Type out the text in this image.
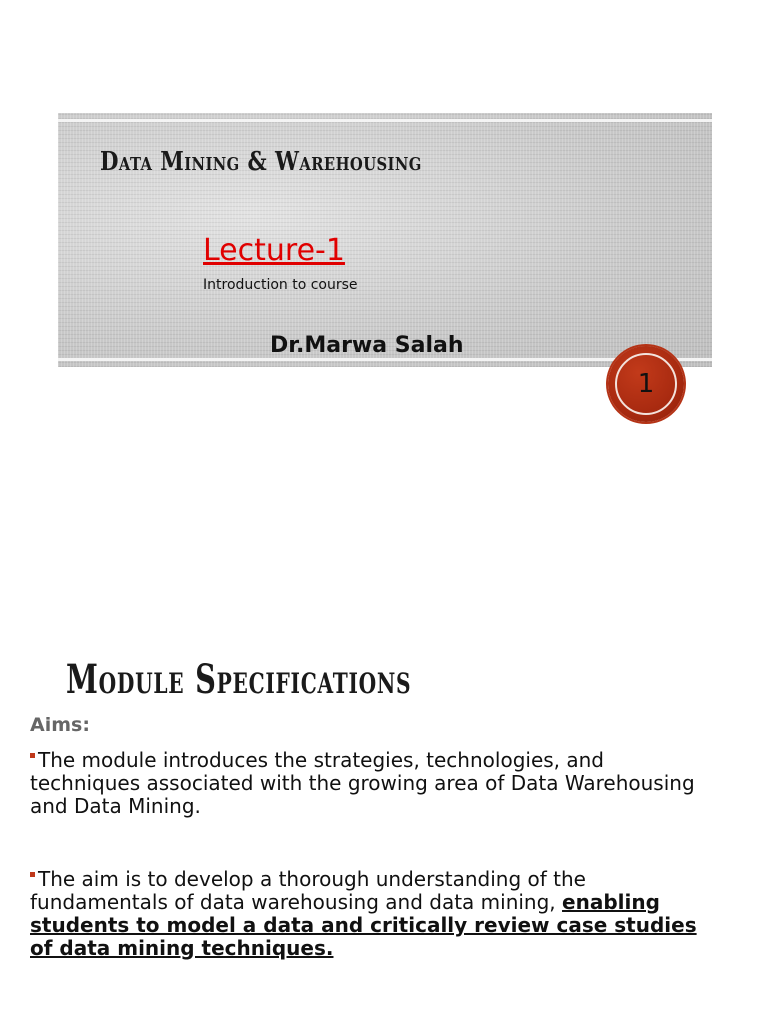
Data Mining & Warehousing
Lecture-1
Introduction to course
Dr.Marwa Salah
1
Module Specifications
Aims:
The module introduces the strategies, technologies, and techniques associated with the growing area of Data Warehousing and Data Mining.
The aim is to develop a thorough understanding of the fundamentals of data warehousing and data mining, enabling students to model a data and critically review case studies of data mining techniques.
